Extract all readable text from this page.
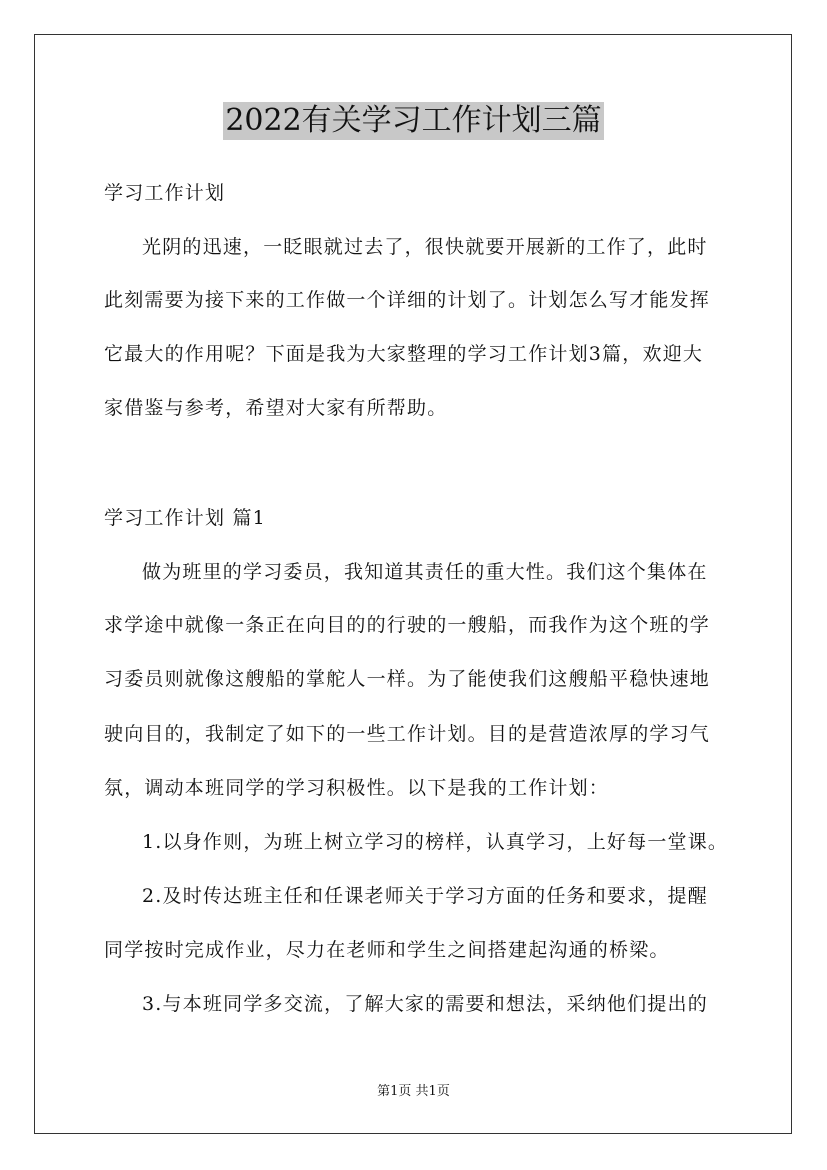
2022有关学习工作计划三篇
学习工作计划
光阴的迅速，一眨眼就过去了，很快就要开展新的工作了，此时
此刻需要为接下来的工作做一个详细的计划了。计划怎么写才能发挥
它最大的作用呢？下面是我为大家整理的学习工作计划3篇，欢迎大
家借鉴与参考，希望对大家有所帮助。
学习工作计划 篇1
做为班里的学习委员，我知道其责任的重大性。我们这个集体在
求学途中就像一条正在向目的的行驶的一艘船，而我作为这个班的学
习委员则就像这艘船的掌舵人一样。为了能使我们这艘船平稳快速地
驶向目的，我制定了如下的一些工作计划。目的是营造浓厚的学习气
氛，调动本班同学的学习积极性。以下是我的工作计划：
1.以身作则，为班上树立学习的榜样，认真学习，上好每一堂课。
2.及时传达班主任和任课老师关于学习方面的任务和要求，提醒
同学按时完成作业，尽力在老师和学生之间搭建起沟通的桥梁。
3.与本班同学多交流，了解大家的需要和想法，采纳他们提出的
第1页 共1页
